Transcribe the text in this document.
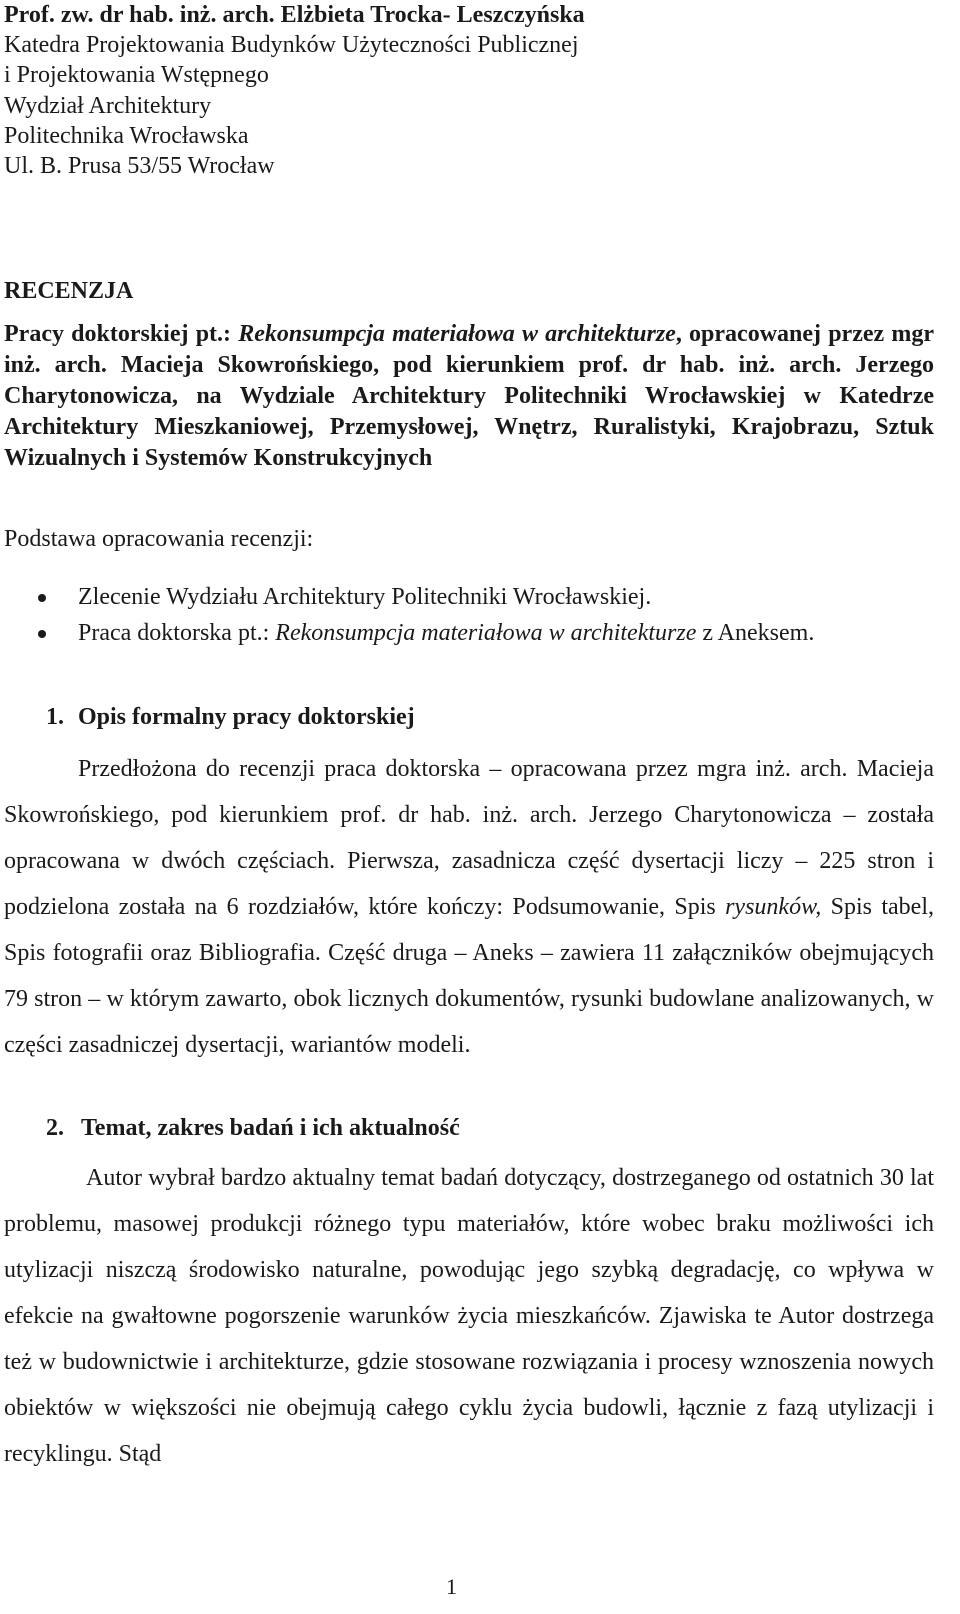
Prof. zw. dr hab. inż. arch. Elżbieta Trocka- Leszczyńska
Katedra Projektowania Budynków Użyteczności Publicznej
i Projektowania Wstępnego
Wydział Architektury
Politechnika Wrocławska
Ul. B. Prusa 53/55 Wrocław
RECENZJA
Pracy doktorskiej pt.: Rekonsumpcja materiałowa w architekturze, opracowanej przez mgr inż. arch. Macieja Skowrońskiego, pod kierunkiem prof. dr hab. inż. arch. Jerzego Charytonowicza, na Wydziale Architektury Politechniki Wrocławskiej w Katedrze Architektury Mieszkaniowej, Przemysłowej, Wnętrz, Ruralistyki, Krajobrazu, Sztuk Wizualnych i Systemów Konstrukcyjnych
Podstawa opracowania recenzji:
Zlecenie Wydziału Architektury Politechniki Wrocławskiej.
Praca doktorska pt.: Rekonsumpcja materiałowa w architekturze z Aneksem.
1. Opis formalny pracy doktorskiej

Przedłożona do recenzji praca doktorska – opracowana przez mgra inż. arch. Macieja Skowrońskiego, pod kierunkiem prof. dr hab. inż. arch. Jerzego Charytonowicza – została opracowana w dwóch częściach. Pierwsza, zasadnicza część dysertacji liczy – 225 stron i podzielona została na 6 rozdziałów, które kończy: Podsumowanie, Spis rysunków, Spis tabel, Spis fotografii oraz Bibliografia. Część druga – Aneks – zawiera 11 załączników obejmujących 79 stron – w którym zawarto, obok licznych dokumentów, rysunki budowlane analizowanych, w części zasadniczej dysertacji, wariantów modeli.

2. Temat, zakres badań i ich aktualność

Autor wybrał bardzo aktualny temat badań dotyczący, dostrzeganego od ostatnich 30 lat problemu, masowej produkcji różnego typu materiałów, które wobec braku możliwości ich utylizacji niszczą środowisko naturalne, powodując jego szybką degradację, co wpływa w efekcie na gwałtowne pogorszenie warunków życia mieszkańców. Zjawiska te Autor dostrzega też w budownictwie i architekturze, gdzie stosowane rozwiązania i procesy wznoszenia nowych obiektów w większości nie obejmują całego cyklu życia budowli, łącznie z fazą utylizacji i recyklingu. Stąd

1
